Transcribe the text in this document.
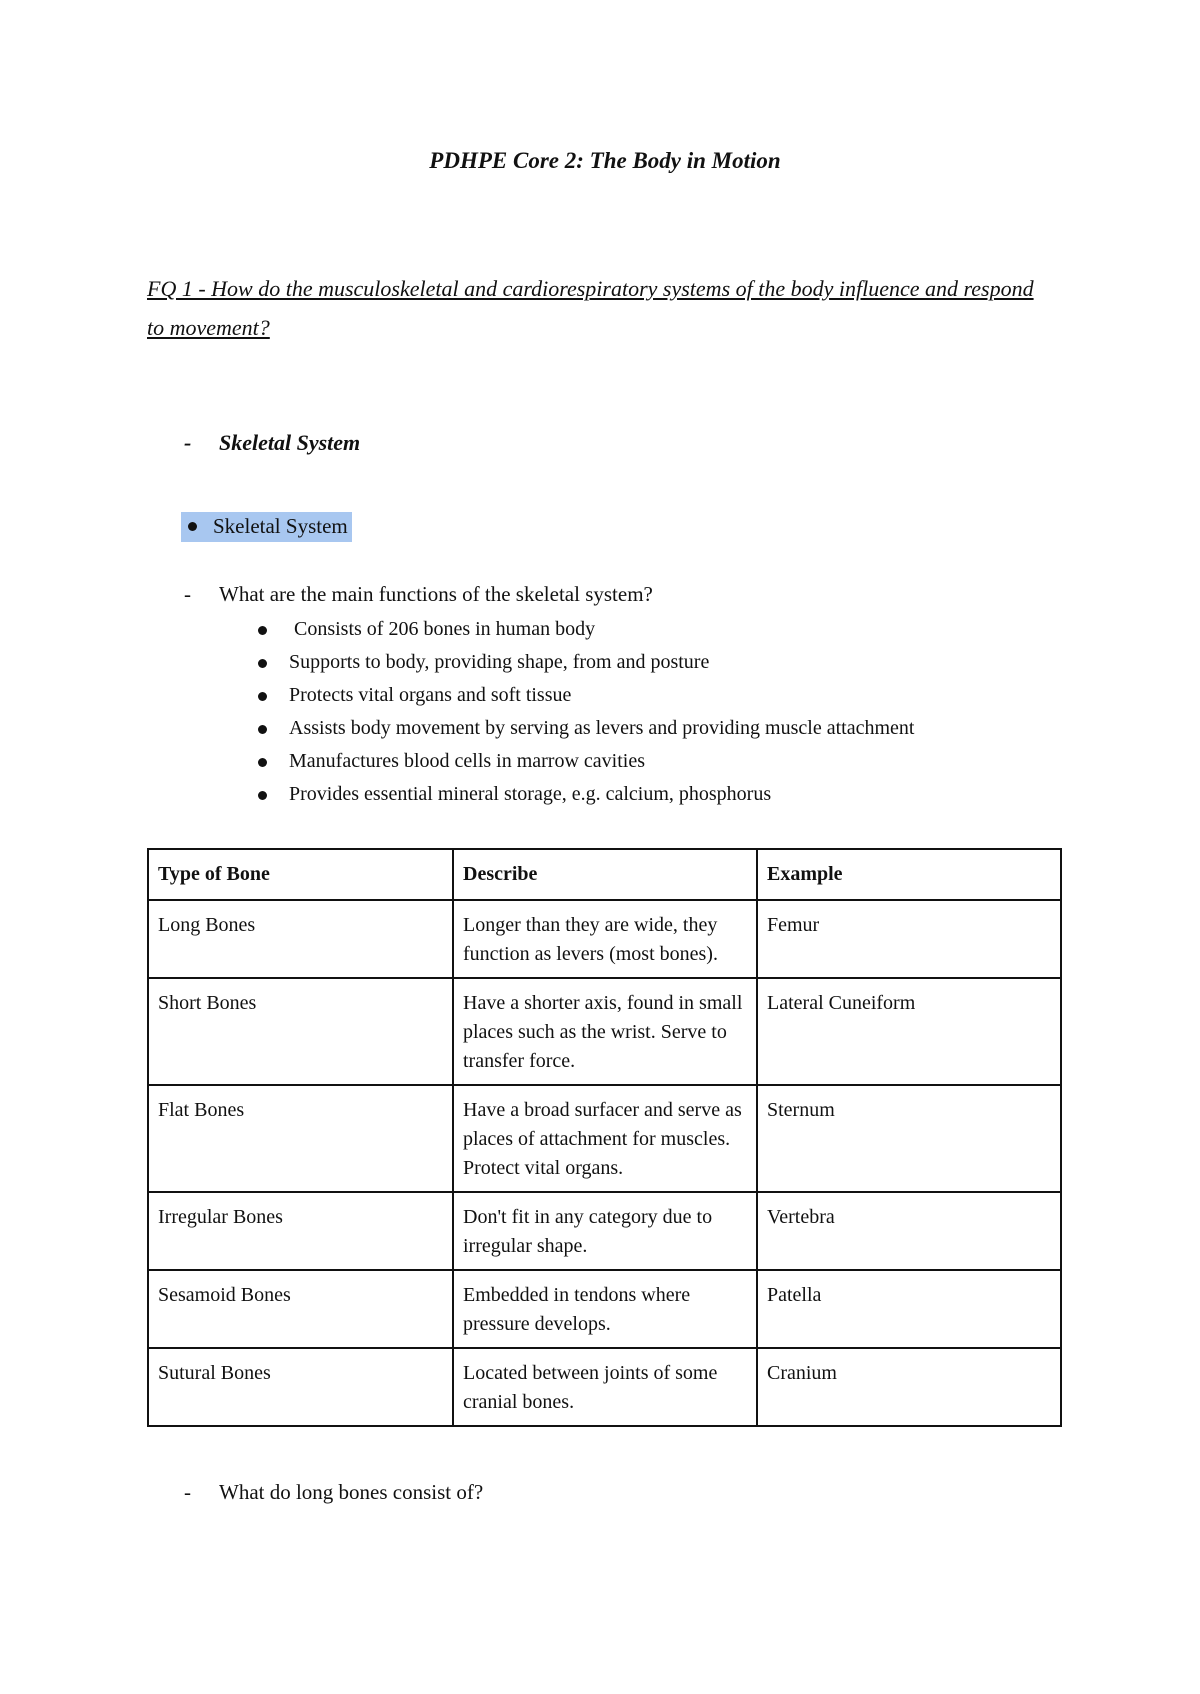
PDHPE Core 2: The Body in Motion
FQ 1 - How do the musculoskeletal and cardiorespiratory systems of the body influence and respond to movement?
- Skeletal System
Skeletal System
- What are the main functions of the skeletal system?
Consists of 206 bones in human body
Supports to body, providing shape, from and posture
Protects vital organs and soft tissue
Assists body movement by serving as levers and providing muscle attachment
Manufactures blood cells in marrow cavities
Provides essential mineral storage, e.g. calcium, phosphorus
Type of Bone	Describe	Example
Long Bones	Longer than they are wide, they function as levers (most bones).	Femur
Short Bones	Have a shorter axis, found in small places such as the wrist. Serve to transfer force.	Lateral Cuneiform
Flat Bones	Have a broad surfacer and serve as places of attachment for muscles. Protect vital organs.	Sternum
Irregular Bones	Don't fit in any category due to irregular shape.	Vertebra
Sesamoid Bones	Embedded in tendons where pressure develops.	Patella
Sutural Bones	Located between joints of some cranial bones.	Cranium
- What do long bones consist of?
